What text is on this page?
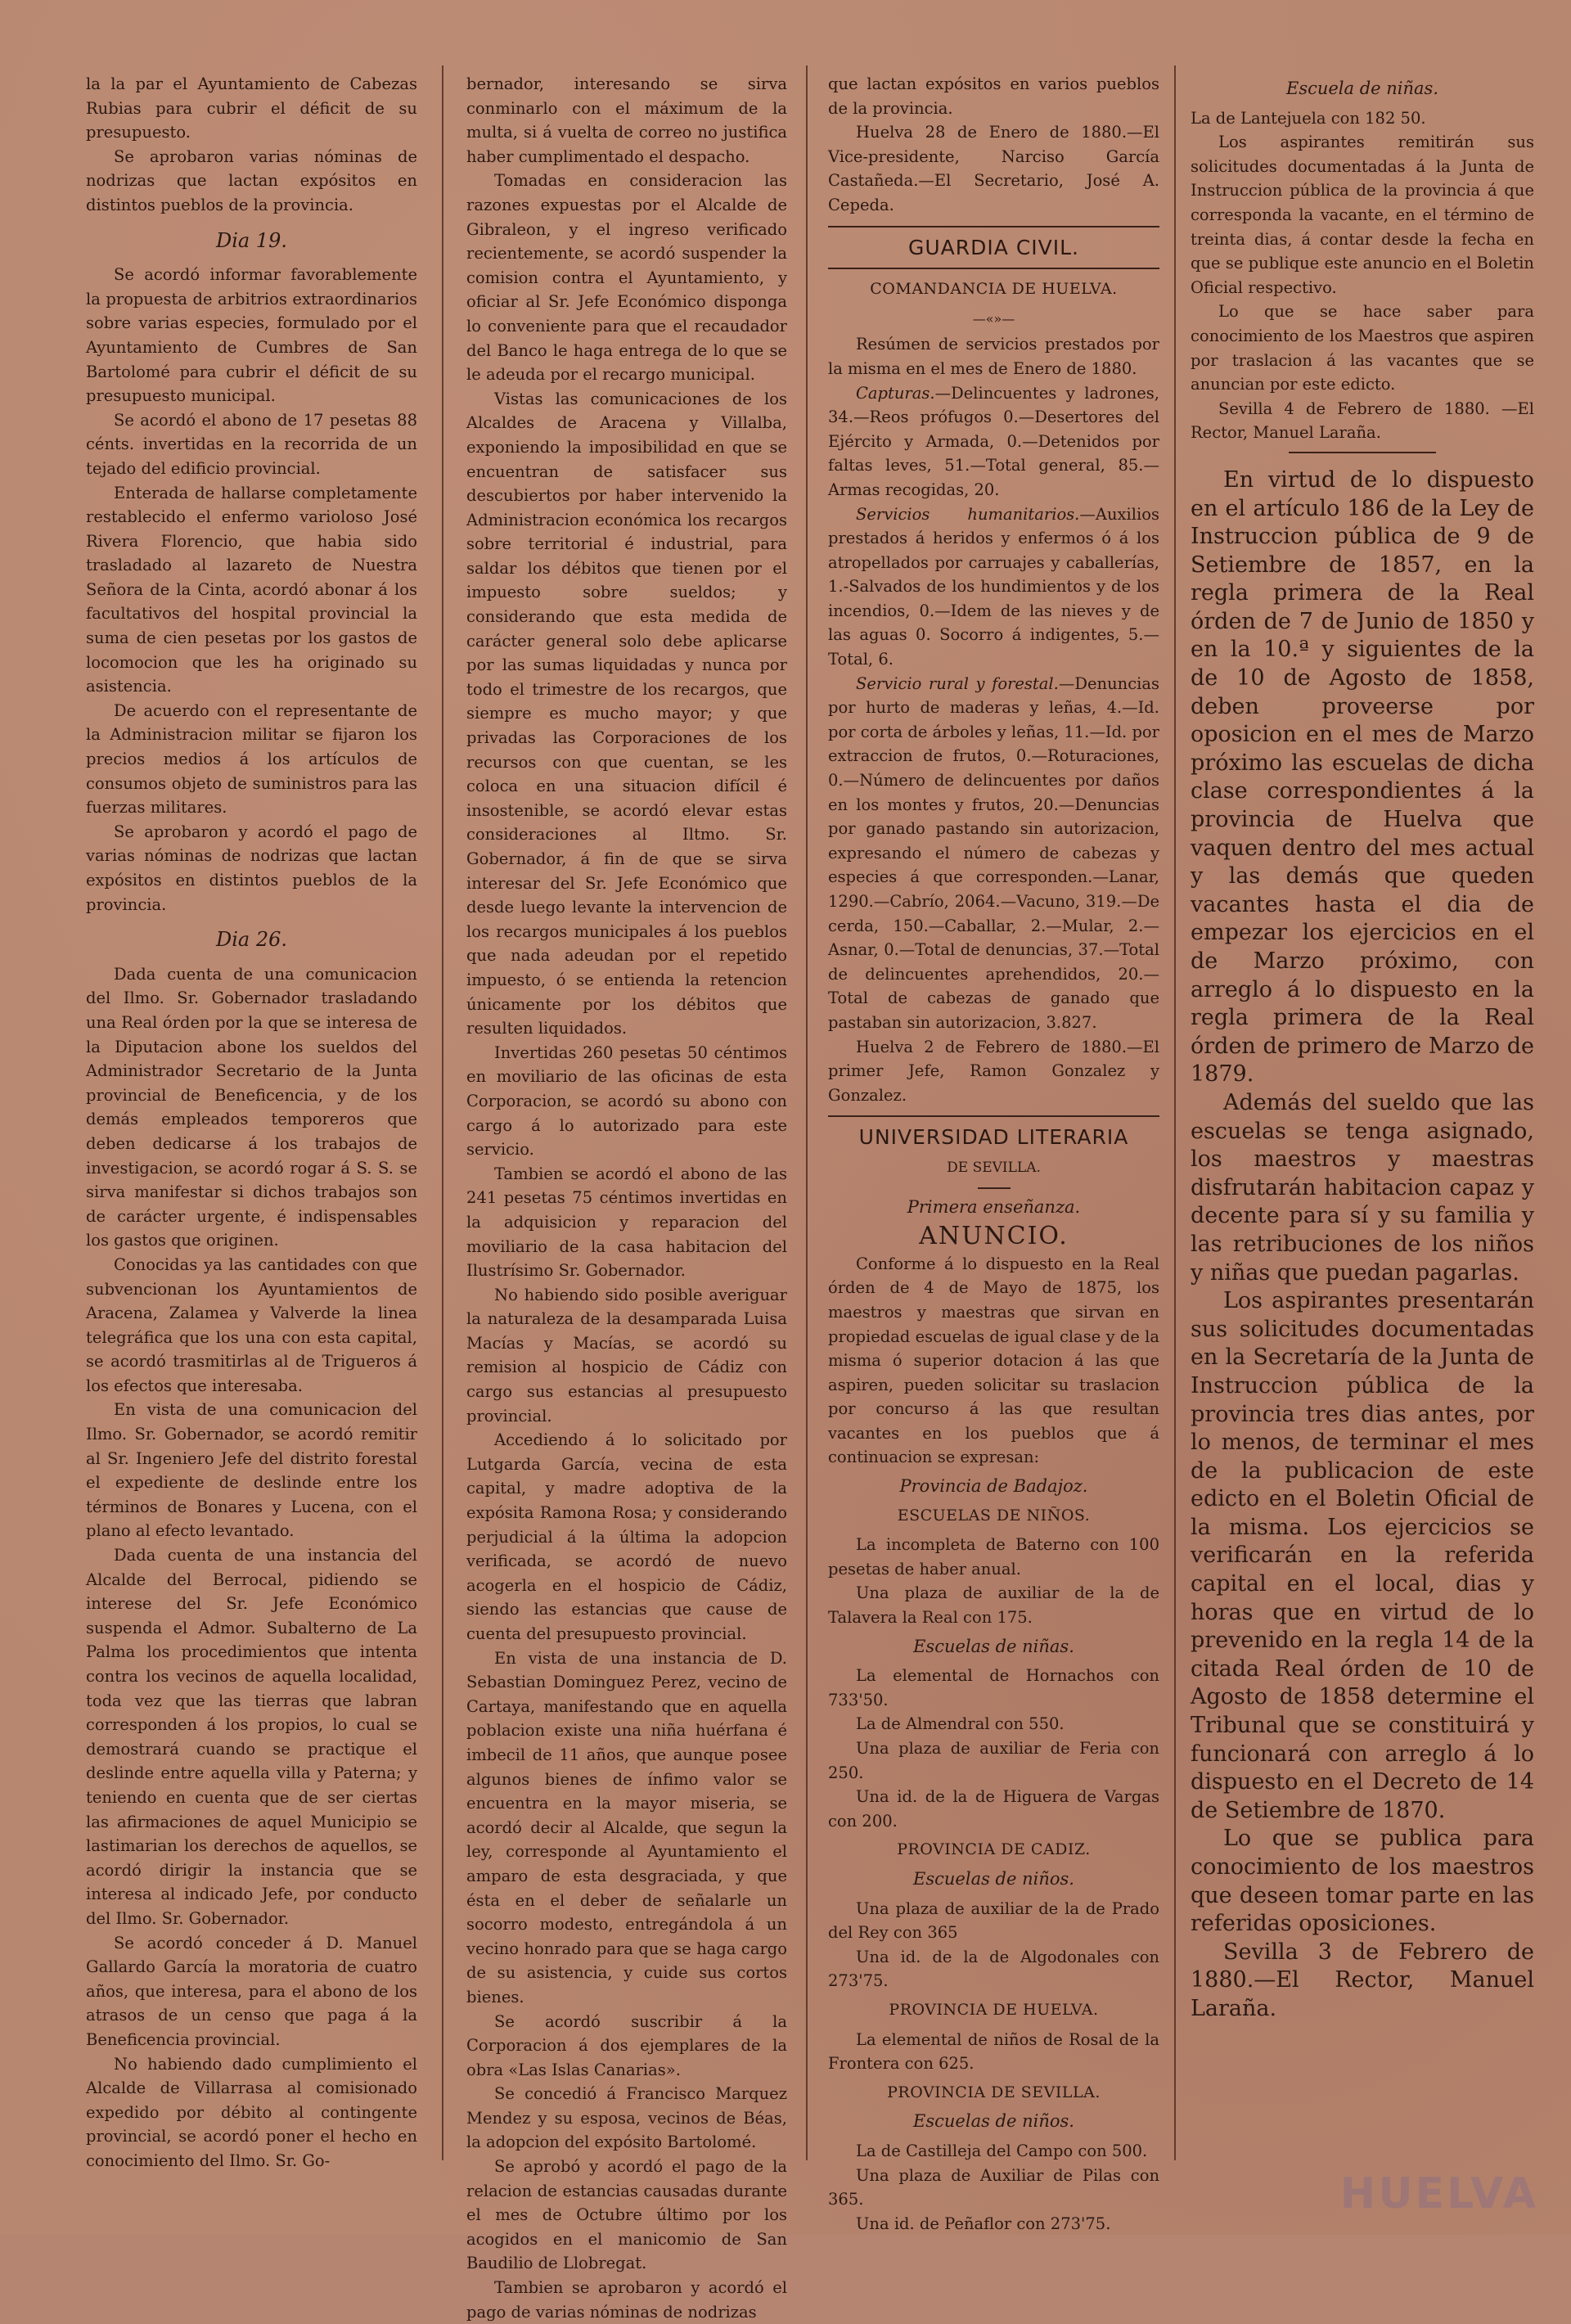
la la par el Ayuntamiento de Cabezas Rubias para cubrir el déficit de su presupuesto.

Se aprobaron varias nóminas de nodrizas que lactan expósitos en distintos pueblos de la provincia.

Dia 19.

Se acordó informar favorablemente la propuesta de arbitrios extraordinarios sobre varias especies, formulado por el Ayuntamiento de Cumbres de San Bartolomé para cubrir el déficit de su presupuesto municipal.

Se acordó el abono de 17 pesetas 88 cénts. invertidas en la recorrida de un tejado del edificio provincial.

Enterada de hallarse completamente restablecido el enfermo varioloso José Rivera Florencio, que habia sido trasladado al lazareto de Nuestra Señora de la Cinta, acordó abonar á los facultativos del hospital provincial la suma de cien pesetas por los gastos de locomocion que les ha originado su asistencia.

De acuerdo con el representante de la Administracion militar se fijaron los precios medios á los artículos de consumos objeto de suministros para las fuerzas militares.

Se aprobaron y acordó el pago de varias nóminas de nodrizas que lactan expósitos en distintos pueblos de la provincia.

Dia 26.

Dada cuenta de una comunicacion del Ilmo. Sr. Gobernador trasladando una Real órden por la que se interesa de la Diputacion abone los sueldos del Administrador Secretario de la Junta provincial de Beneficencia, y de los demás empleados temporeros que deben dedicarse á los trabajos de investigacion, se acordó rogar á S. S. se sirva manifestar si dichos trabajos son de carácter urgente, é indispensables los gastos que originen.

Conocidas ya las cantidades con que subvencionan los Ayuntamientos de Aracena, Zalamea y Valverde la linea telegráfica que los una con esta capital, se acordó trasmitirlas al de Trigueros á los efectos que interesaba.

En vista de una comunicacion del Ilmo. Sr. Gobernador, se acordó remitir al Sr. Ingeniero Jefe del distrito forestal el expediente de deslinde entre los términos de Bonares y Lucena, con el plano al efecto levantado.

Dada cuenta de una instancia del Alcalde del Berrocal, pidiendo se interese del Sr. Jefe Económico suspenda el Admor. Subalterno de La Palma los procedimientos que intenta contra los vecinos de aquella localidad, toda vez que las tierras que labran corresponden á los propios, lo cual se demostrará cuando se practique el deslinde entre aquella villa y Paterna; y teniendo en cuenta que de ser ciertas las afirmaciones de aquel Municipio se lastimarian los derechos de aquellos, se acordó dirigir la instancia que se interesa al indicado Jefe, por conducto del Ilmo. Sr. Gobernador.

Se acordó conceder á D. Manuel Gallardo García la moratoria de cuatro años, que interesa, para el abono de los atrasos de un censo que paga á la Beneficencia provincial.

No habiendo dado cumplimiento el Alcalde de Villarrasa al comisionado expedido por débito al contingente provincial, se acordó poner el hecho en conocimiento del Ilmo. Sr. Go-

bernador, interesando se sirva conminarlo con el máximum de la multa, si á vuelta de correo no justifica haber cumplimentado el despacho.

Tomadas en consideracion las razones expuestas por el Alcalde de Gibraleon, y el ingreso verificado recientemente, se acordó suspender la comision contra el Ayuntamiento, y oficiar al Sr. Jefe Económico disponga lo conveniente para que el recaudador del Banco le haga entrega de lo que se le adeuda por el recargo municipal.

Vistas las comunicaciones de los Alcaldes de Aracena y Villalba, exponiendo la imposibilidad en que se encuentran de satisfacer sus descubiertos por haber intervenido la Administracion económica los recargos sobre territorial é industrial, para saldar los débitos que tienen por el impuesto sobre sueldos; y considerando que esta medida de carácter general solo debe aplicarse por las sumas liquidadas y nunca por todo el trimestre de los recargos, que siempre es mucho mayor; y que privadas las Corporaciones de los recursos con que cuentan, se les coloca en una situacion difícil é insostenible, se acordó elevar estas consideraciones al Iltmo. Sr. Gobernador, á fin de que se sirva interesar del Sr. Jefe Económico que desde luego levante la intervencion de los recargos municipales á los pueblos que nada adeudan por el repetido impuesto, ó se entienda la retencion únicamente por los débitos que resulten liquidados.

Invertidas 260 pesetas 50 céntimos en moviliario de las oficinas de esta Corporacion, se acordó su abono con cargo á lo autorizado para este servicio.

Tambien se acordó el abono de las 241 pesetas 75 céntimos invertidas en la adquisicion y reparacion del moviliario de la casa habitacion del Ilustrísimo Sr. Gobernador.

No habiendo sido posible averiguar la naturaleza de la desamparada Luisa Macías y Macías, se acordó su remision al hospicio de Cádiz con cargo sus estancias al presupuesto provincial.

Accediendo á lo solicitado por Lutgarda García, vecina de esta capital, y madre adoptiva de la expósita Ramona Rosa; y considerando perjudicial á la última la adopcion verificada, se acordó de nuevo acogerla en el hospicio de Cádiz, siendo las estancias que cause de cuenta del presupuesto provincial.

En vista de una instancia de D. Sebastian Dominguez Perez, vecino de Cartaya, manifestando que en aquella poblacion existe una niña huérfana é imbecil de 11 años, que aunque posee algunos bienes de ínfimo valor se encuentra en la mayor miseria, se acordó decir al Alcalde, que segun la ley, corresponde al Ayuntamiento el amparo de esta desgraciada, y que ésta en el deber de señalarle un socorro modesto, entregándola á un vecino honrado para que se haga cargo de su asistencia, y cuide sus cortos bienes.

Se acordó suscribir á la Corporacion á dos ejemplares de la obra «Las Islas Canarias».

Se concedió á Francisco Marquez Mendez y su esposa, vecinos de Béas, la adopcion del expósito Bartolomé.

Se aprobó y acordó el pago de la relacion de estancias causadas durante el mes de Octubre último por los acogidos en el manicomio de San Baudilio de Llobregat.

Tambien se aprobaron y acordó el pago de varias nóminas de nodrizas

que lactan expósitos en varios pueblos de la provincia.

Huelva 28 de Enero de 1880.—El Vice-presidente, Narciso García Castañeda.—El Secretario, José A. Cepeda.

GUARDIA CIVIL.
COMANDANCIA DE HUELVA.
—«»—

Resúmen de servicios prestados por la misma en el mes de Enero de 1880.

Capturas.—Delincuentes y ladrones, 34.—Reos prófugos 0.—Desertores del Ejército y Armada, 0.—Detenidos por faltas leves, 51.—Total general, 85.—Armas recogidas, 20.

Servicios humanitarios.—Auxilios prestados á heridos y enfermos ó á los atropellados por carruajes y caballerías, 1.-Salvados de los hundimientos y de los incendios, 0.—Idem de las nieves y de las aguas 0. Socorro á indigentes, 5.—Total, 6.

Servicio rural y forestal.—Denuncias por hurto de maderas y leñas, 4.—Id. por corta de árboles y leñas, 11.—Id. por extraccion de frutos, 0.—Roturaciones, 0.—Número de delincuentes por daños en los montes y frutos, 20.—Denuncias por ganado pastando sin autorizacion, expresando el número de cabezas y especies á que corresponden.—Lanar, 1290.—Cabrío, 2064.—Vacuno, 319.—De cerda, 150.—Caballar, 2.—Mular, 2.—Asnar, 0.—Total de denuncias, 37.—Total de delincuentes aprehendidos, 20.—Total de cabezas de ganado que pastaban sin autorizacion, 3.827.

Huelva 2 de Febrero de 1880.—El primer Jefe, Ramon Gonzalez y Gonzalez.

UNIVERSIDAD LITERARIA
DE SEVILLA.
Primera enseñanza.
ANUNCIO.

Conforme á lo dispuesto en la Real órden de 4 de Mayo de 1875, los maestros y maestras que sirvan en propiedad escuelas de igual clase y de la misma ó superior dotacion á las que aspiren, pueden solicitar su traslacion por concurso á las que resultan vacantes en los pueblos que á continuacion se expresan:

Provincia de Badajoz.
ESCUELAS DE NIÑOS.

La incompleta de Baterno con 100 pesetas de haber anual.

Una plaza de auxiliar de la de Talavera la Real con 175.

Escuelas de niñas.

La elemental de Hornachos con 733'50.

La de Almendral con 550.

Una plaza de auxiliar de Feria con 250.

Una id. de la de Higuera de Vargas con 200.

PROVINCIA DE CADIZ.
Escuelas de niños.

Una plaza de auxiliar de la de Prado del Rey con 365

Una id. de la de Algodonales con 273'75.

PROVINCIA DE HUELVA.

La elemental de niños de Rosal de la Frontera con 625.

PROVINCIA DE SEVILLA.
Escuelas de niños.

La de Castilleja del Campo con 500.

Una plaza de Auxiliar de Pilas con 365.

Una id. de Peñaflor con 273'75.

Escuela de niñas.

La de Lantejuela con 182 50.

Los aspirantes remitirán sus solicitudes documentadas á la Junta de Instruccion pública de la provincia á que corresponda la vacante, en el término de treinta dias, á contar desde la fecha en que se publique este anuncio en el Boletin Oficial respectivo.

Lo que se hace saber para conocimiento de los Maestros que aspiren por traslacion á las vacantes que se anuncian por este edicto.

Sevilla 4 de Febrero de 1880. —El Rector, Manuel Laraña.

En virtud de lo dispuesto en el artículo 186 de la Ley de Instruccion pública de 9 de Setiembre de 1857, en la regla primera de la Real órden de 7 de Junio de 1850 y en la 10.ª y siguientes de la de 10 de Agosto de 1858, deben proveerse por oposicion en el mes de Marzo próximo las escuelas de dicha clase correspondientes á la provincia de Huelva que vaquen dentro del mes actual y las demás que queden vacantes hasta el dia de empezar los ejercicios en el de Marzo próximo, con arreglo á lo dispuesto en la regla primera de la Real órden de primero de Marzo de 1879.

Además del sueldo que las escuelas se tenga asignado, los maestros y maestras disfrutarán habitacion capaz y decente para sí y su familia y las retribuciones de los niños y niñas que puedan pagarlas.

Los aspirantes presentarán sus solicitudes documentadas en la Secretaría de la Junta de Instruccion pública de la provincia tres dias antes, por lo menos, de terminar el mes de la publicacion de este edicto en el Boletin Oficial de la misma. Los ejercicios se verificarán en la referida capital en el local, dias y horas que en virtud de lo prevenido en la regla 14 de la citada Real órden de 10 de Agosto de 1858 determine el Tribunal que se constituirá y funcionará con arreglo á lo dispuesto en el Decreto de 14 de Setiembre de 1870.

Lo que se publica para conocimiento de los maestros que deseen tomar parte en las referidas oposiciones.

Sevilla 3 de Febrero de 1880.—El Rector, Manuel Laraña.

HUELVA
